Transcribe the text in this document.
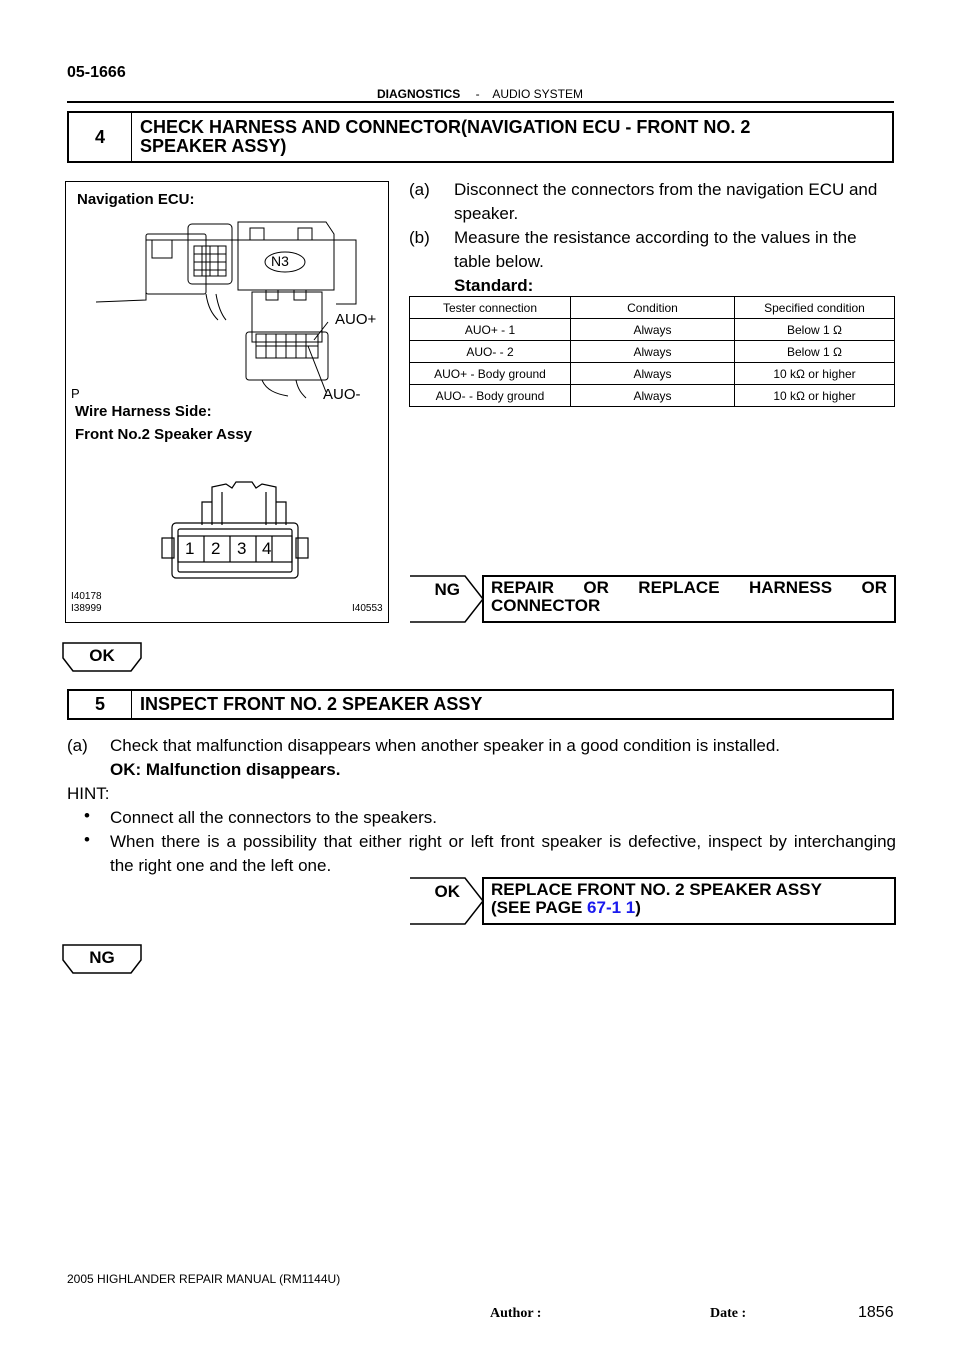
05-1666
DIAGNOSTICS - AUDIO SYSTEM
4	CHECK HARNESS AND CONNECTOR(NAVIGATION ECU - FRONT NO. 2
SPEAKER ASSY)
Navigation ECU:
N3
AUO+
AUO-
P
Wire Harness Side:
Front No.2 Speaker Assy
1 2 3 4
I40178
I38999	I40553
(a) Disconnect the connectors from the navigation ECU and
speaker.
(b) Measure the resistance according to the values in the
table below.
Standard:
Tester connection	Condition	Specified condition
AUO+ - 1	Always	Below 1 Ω
AUO- - 2	Always	Below 1 Ω
AUO+ - Body ground	Always	10 kΩ or higher
AUO- - Body ground	Always	10 kΩ or higher
NG REPAIR OR REPLACE HARNESS OR
CONNECTOR
OK
5	INSPECT FRONT NO. 2 SPEAKER ASSY
(a) Check that malfunction disappears when another speaker in a good condition is installed.
OK: Malfunction disappears.
HINT:
• Connect all the connectors to the speakers.
• When there is a possibility that either right or left front speaker is defective, inspect by interchanging
the right one and the left one.
OK REPLACE FRONT NO. 2 SPEAKER ASSY
(SEE PAGE 67-1 1)
NG
2005 HIGHLANDER REPAIR MANUAL (RM1144U)
Author :	Date :	1856
